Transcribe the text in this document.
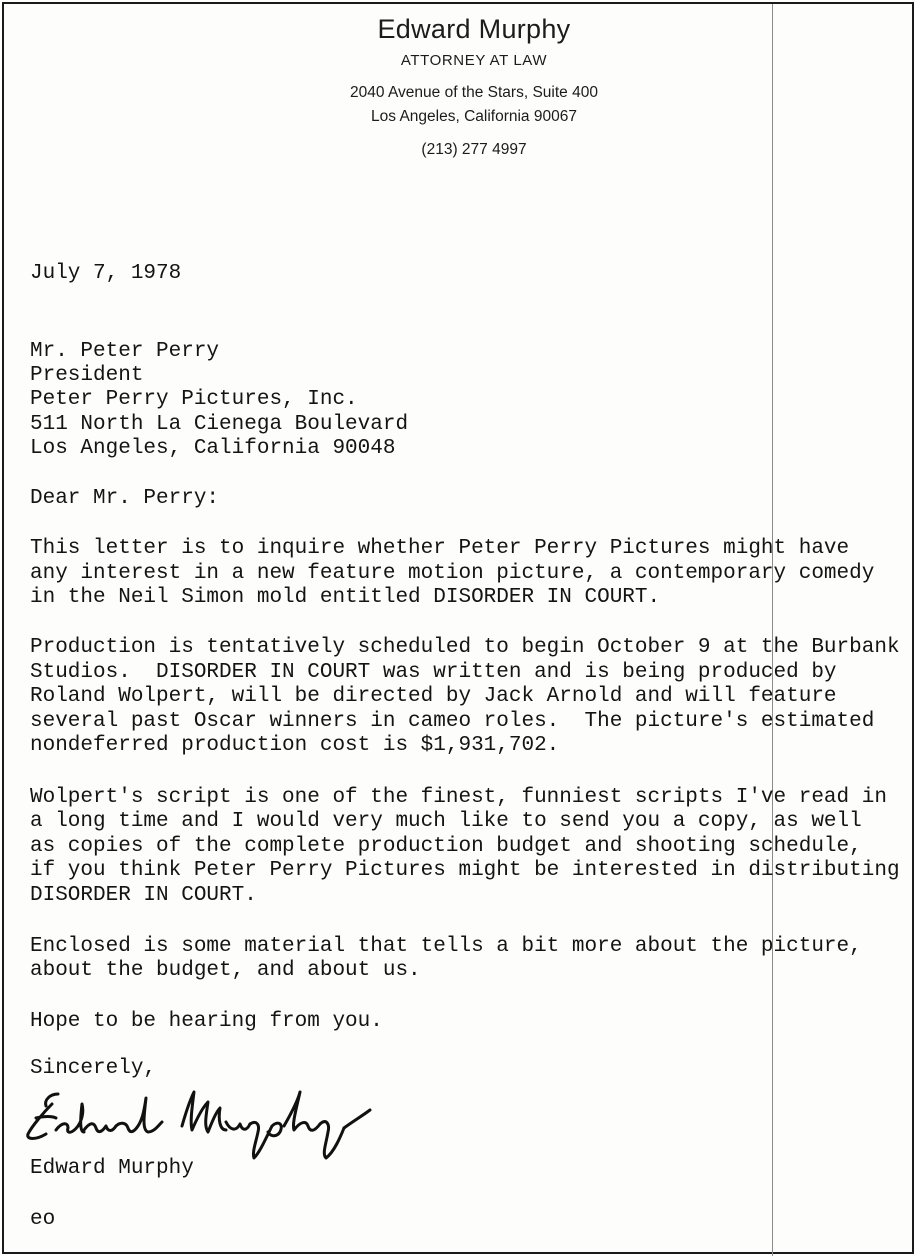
Edward Murphy
ATTORNEY AT LAW
2040 Avenue of the Stars, Suite 400
Los Angeles, California 90067
(213) 277 4997
July 7, 1978
Mr. Peter Perry
President
Peter Perry Pictures, Inc.
511 North La Cienega Boulevard
Los Angeles, California 90048
Dear Mr. Perry:
This letter is to inquire whether Peter Perry Pictures might have
any interest in a new feature motion picture, a contemporary comedy
in the Neil Simon mold entitled DISORDER IN COURT.
Production is tentatively scheduled to begin October 9 at the Burbank
Studios.  DISORDER IN COURT was written and is being produced by
Roland Wolpert, will be directed by Jack Arnold and will feature
several past Oscar winners in cameo roles.  The picture's estimated
nondeferred production cost is $1,931,702.
Wolpert's script is one of the finest, funniest scripts I've read in
a long time and I would very much like to send you a copy, as well
as copies of the complete production budget and shooting schedule,
if you think Peter Perry Pictures might be interested in distributing
DISORDER IN COURT.
Enclosed is some material that tells a bit more about the picture,
about the budget, and about us.
Hope to be hearing from you.
Sincerely,
Edward Murphy
eo
